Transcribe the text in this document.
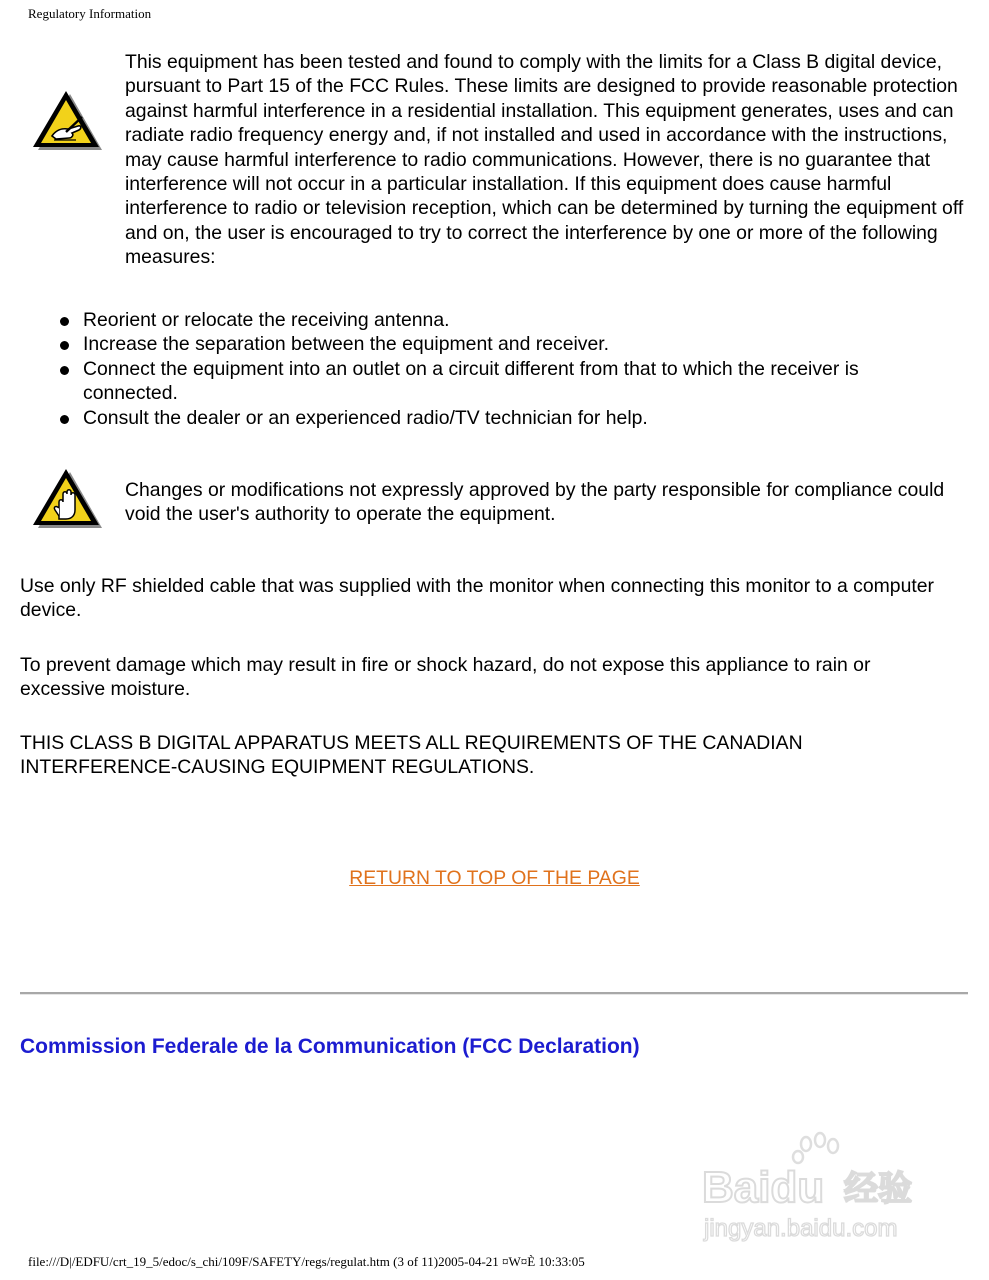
Regulatory Information
This equipment has been tested and found to comply with the limits for a Class B digital device, pursuant to Part 15 of the FCC Rules. These limits are designed to provide reasonable protection against harmful interference in a residential installation. This equipment generates, uses and can radiate radio frequency energy and, if not installed and used in accordance with the instructions, may cause harmful interference to radio communications. However, there is no guarantee that interference will not occur in a particular installation. If this equipment does cause harmful interference to radio or television reception, which can be determined by turning the equipment off and on, the user is encouraged to try to correct the interference by one or more of the following measures:
Reorient or relocate the receiving antenna.
Increase the separation between the equipment and receiver.
Connect the equipment into an outlet on a circuit different from that to which the receiver is connected.
Consult the dealer or an experienced radio/TV technician for help.
Changes or modifications not expressly approved by the party responsible for compliance could void the user's authority to operate the equipment.
Use only RF shielded cable that was supplied with the monitor when connecting this monitor to a computer device.
To prevent damage which may result in fire or shock hazard, do not expose this appliance to rain or excessive moisture.
THIS CLASS B DIGITAL APPARATUS MEETS ALL REQUIREMENTS OF THE CANADIAN INTERFERENCE-CAUSING EQUIPMENT REGULATIONS.
RETURN TO TOP OF THE PAGE
Commission Federale de la Communication (FCC Declaration)
Baidu 经验
jingyan.baidu.com
file:///D|/EDFU/crt_19_5/edoc/s_chi/109F/SAFETY/regs/regulat.htm (3 of 11)2005-04-21 ¤W¤È 10:33:05
